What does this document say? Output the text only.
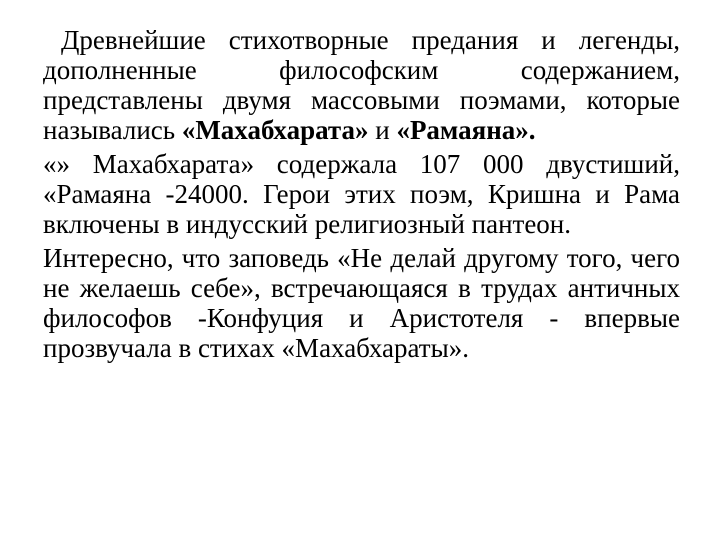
Древнейшие стихотворные предания и легенды, дополненные философским содержанием, представлены двумя массовыми поэмами, которые назывались «Махабхарата» и «Рамаяна».

«» Махабхарата» содержала 107 000 двустиший, «Рамаяна -24000. Герои этих поэм, Кришна и Рама включены в индусский религиозный пантеон.

Интересно, что заповедь «Не делай другому того, чего не желаешь себе», встречающаяся в трудах античных философов -Конфуция и Аристотеля - впервые прозвучала в стихах «Махабхараты».
